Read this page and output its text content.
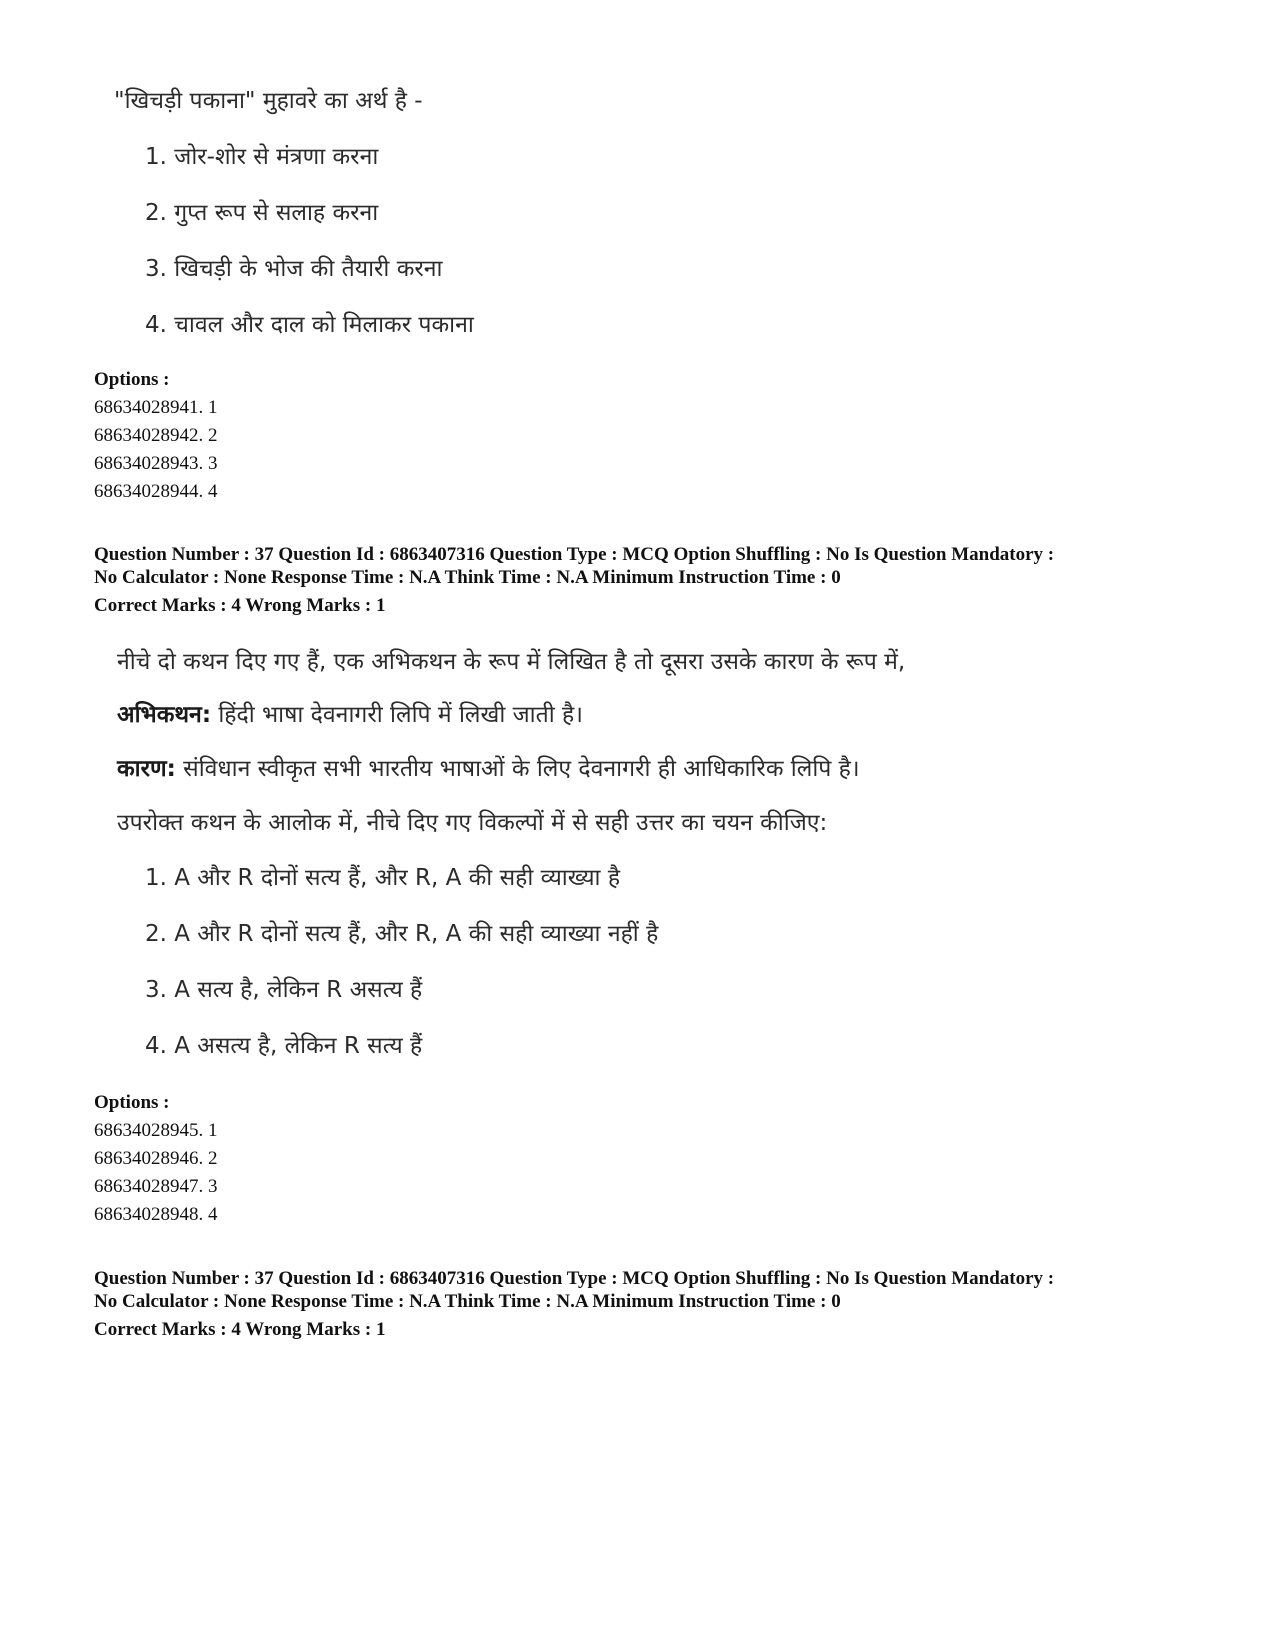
"खिचड़ी पकाना" मुहावरे का अर्थ है -
1. जोर-शोर से मंत्रणा करना
2. गुप्त रूप से सलाह करना
3. खिचड़ी के भोज की तैयारी करना
4. चावल और दाल को मिलाकर पकाना
Options :
68634028941. 1
68634028942. 2
68634028943. 3
68634028944. 4
Question Number : 37 Question Id : 6863407316 Question Type : MCQ Option Shuffling : No Is Question Mandatory :
No Calculator : None Response Time : N.A Think Time : N.A Minimum Instruction Time : 0
Correct Marks : 4 Wrong Marks : 1
नीचे दो कथन दिए गए हैं, एक अभिकथन के रूप में लिखित है तो दूसरा उसके कारण के रूप में,
अभिकथन: हिंदी भाषा देवनागरी लिपि में लिखी जाती है।
कारण: संविधान स्वीकृत सभी भारतीय भाषाओं के लिए देवनागरी ही आधिकारिक लिपि है।
उपरोक्त कथन के आलोक में, नीचे दिए गए विकल्पों में से सही उत्तर का चयन कीजिए:
1. A और R दोनों सत्य हैं, और R, A की सही व्याख्या है
2. A और R दोनों सत्य हैं, और R, A की सही व्याख्या नहीं है
3. A सत्य है, लेकिन R असत्य हैं
4. A असत्य है, लेकिन R सत्य हैं
Options :
68634028945. 1
68634028946. 2
68634028947. 3
68634028948. 4
Question Number : 37 Question Id : 6863407316 Question Type : MCQ Option Shuffling : No Is Question Mandatory :
No Calculator : None Response Time : N.A Think Time : N.A Minimum Instruction Time : 0
Correct Marks : 4 Wrong Marks : 1
